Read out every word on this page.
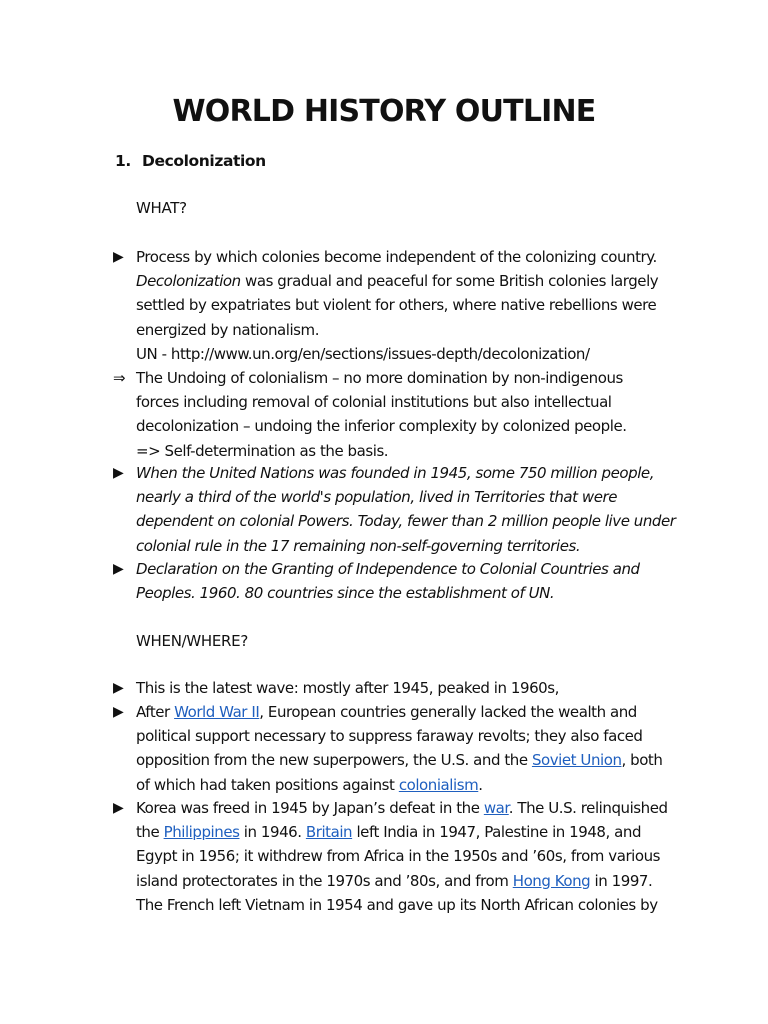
WORLD HISTORY OUTLINE
1. Decolonization
WHAT?
▶ Process by which colonies become independent of the colonizing country.
Decolonization was gradual and peaceful for some British colonies largely
settled by expatriates but violent for others, where native rebellions were
energized by nationalism.
UN - http://www.un.org/en/sections/issues-depth/decolonization/
⇒ The Undoing of colonialism – no more domination by non-indigenous
forces including removal of colonial institutions but also intellectual
decolonization – undoing the inferior complexity by colonized people.
=> Self-determination as the basis.
▶ When the United Nations was founded in 1945, some 750 million people,
nearly a third of the world's population, lived in Territories that were
dependent on colonial Powers. Today, fewer than 2 million people live under
colonial rule in the 17 remaining non-self-governing territories.
▶ Declaration on the Granting of Independence to Colonial Countries and
Peoples. 1960. 80 countries since the establishment of UN.
WHEN/WHERE?
▶ This is the latest wave: mostly after 1945, peaked in 1960s,
▶ After World War II, European countries generally lacked the wealth and
political support necessary to suppress faraway revolts; they also faced
opposition from the new superpowers, the U.S. and the Soviet Union, both
of which had taken positions against colonialism.
▶ Korea was freed in 1945 by Japan’s defeat in the war. The U.S. relinquished
the Philippines in 1946. Britain left India in 1947, Palestine in 1948, and
Egypt in 1956; it withdrew from Africa in the 1950s and ’60s, from various
island protectorates in the 1970s and ’80s, and from Hong Kong in 1997.
The French left Vietnam in 1954 and gave up its North African colonies by
